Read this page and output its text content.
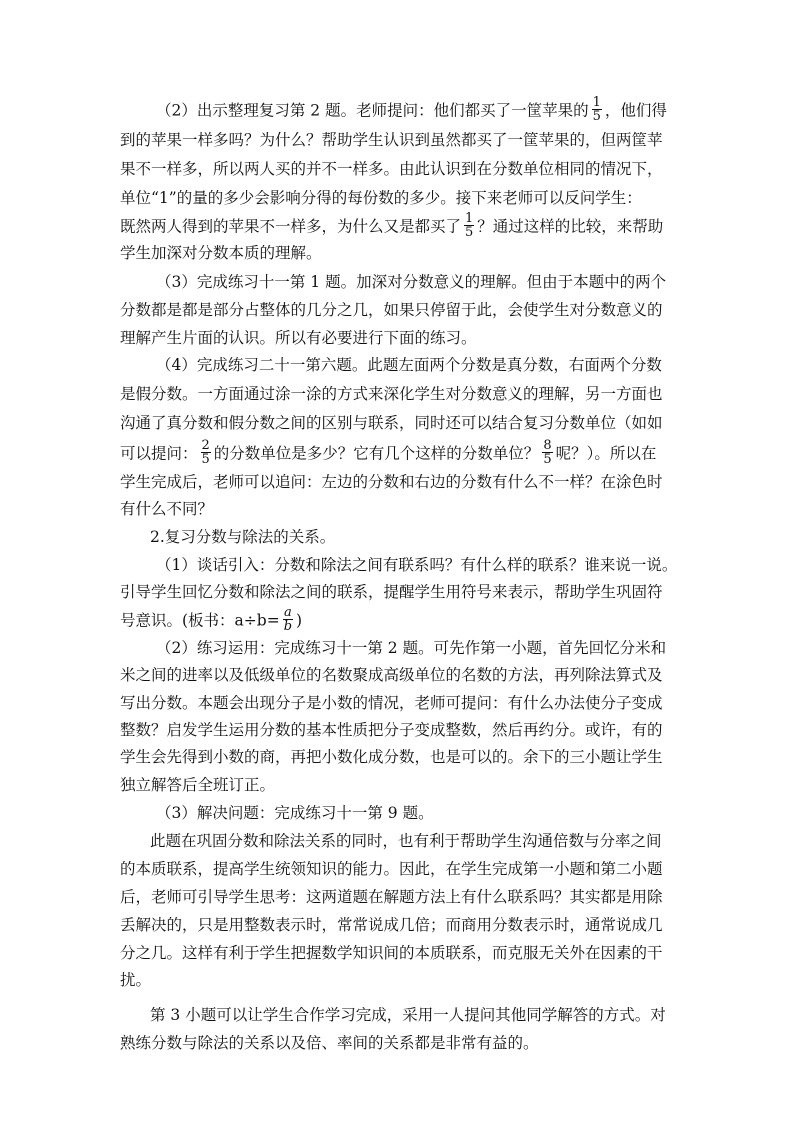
（2）出示整理复习第 2 题。老师提问：他们都买了一筐苹果的 $\frac{1}{5}$ ，他们得
到的苹果一样多吗？为什么？帮助学生认识到虽然都买了一筐苹果的，但两筐苹
果不一样多，所以两人买的并不一样多。由此认识到在分数单位相同的情况下，
单位“1”的量的多少会影响分得的每份数的多少。接下来老师可以反问学生：
既然两人得到的苹果不一样多，为什么又是都买了 $\frac{1}{5}$ ？通过这样的比较，来帮助
学生加深对分数本质的理解。
（3）完成练习十一第 1 题。加深对分数意义的理解。但由于本题中的两个
分数都是都是部分占整体的几分之几，如果只停留于此，会使学生对分数意义的
理解产生片面的认识。所以有必要进行下面的练习。
（4）完成练习二十一第六题。此题左面两个分数是真分数，右面两个分数
是假分数。一方面通过涂一涂的方式来深化学生对分数意义的理解，另一方面也
沟通了真分数和假分数之间的区别与联系，同时还可以结合复习分数单位（如如
可以提问： $\frac{2}{5}$ 的分数单位是多少？它有几个这样的分数单位？ $\frac{8}{5}$ 呢？）。所以在
学生完成后，老师可以追问：左边的分数和右边的分数有什么不一样？在涂色时
有什么不同？
2.复习分数与除法的关系。
（1）谈话引入：分数和除法之间有联系吗？有什么样的联系？谁来说一说。
引导学生回忆分数和除法之间的联系，提醒学生用符号来表示，帮助学生巩固符
号意识。(板书：$a\div b= \frac{a}{b}$ )
（2）练习运用：完成练习十一第 2 题。可先作第一小题，首先回忆分米和
米之间的进率以及低级单位的名数聚成高级单位的名数的方法，再列除法算式及
写出分数。本题会出现分子是小数的情况，老师可提问：有什么办法使分子变成
整数？启发学生运用分数的基本性质把分子变成整数，然后再约分。或许，有的
学生会先得到小数的商，再把小数化成分数，也是可以的。余下的三小题让学生
独立解答后全班订正。
（3）解决问题：完成练习十一第 9 题。
此题在巩固分数和除法关系的同时，也有利于帮助学生沟通倍数与分率之间
的本质联系，提高学生统领知识的能力。因此，在学生完成第一小题和第二小题
后，老师可引导学生思考：这两道题在解题方法上有什么联系吗？其实都是用除
丢解决的，只是用整数表示时，常常说成几倍；而商用分数表示时，通常说成几
分之几。这样有利于学生把握数学知识间的本质联系，而克服无关外在因素的干
扰。
第 3 小题可以让学生合作学习完成，采用一人提问其他同学解答的方式。对
熟练分数与除法的关系以及倍、率间的关系都是非常有益的。
